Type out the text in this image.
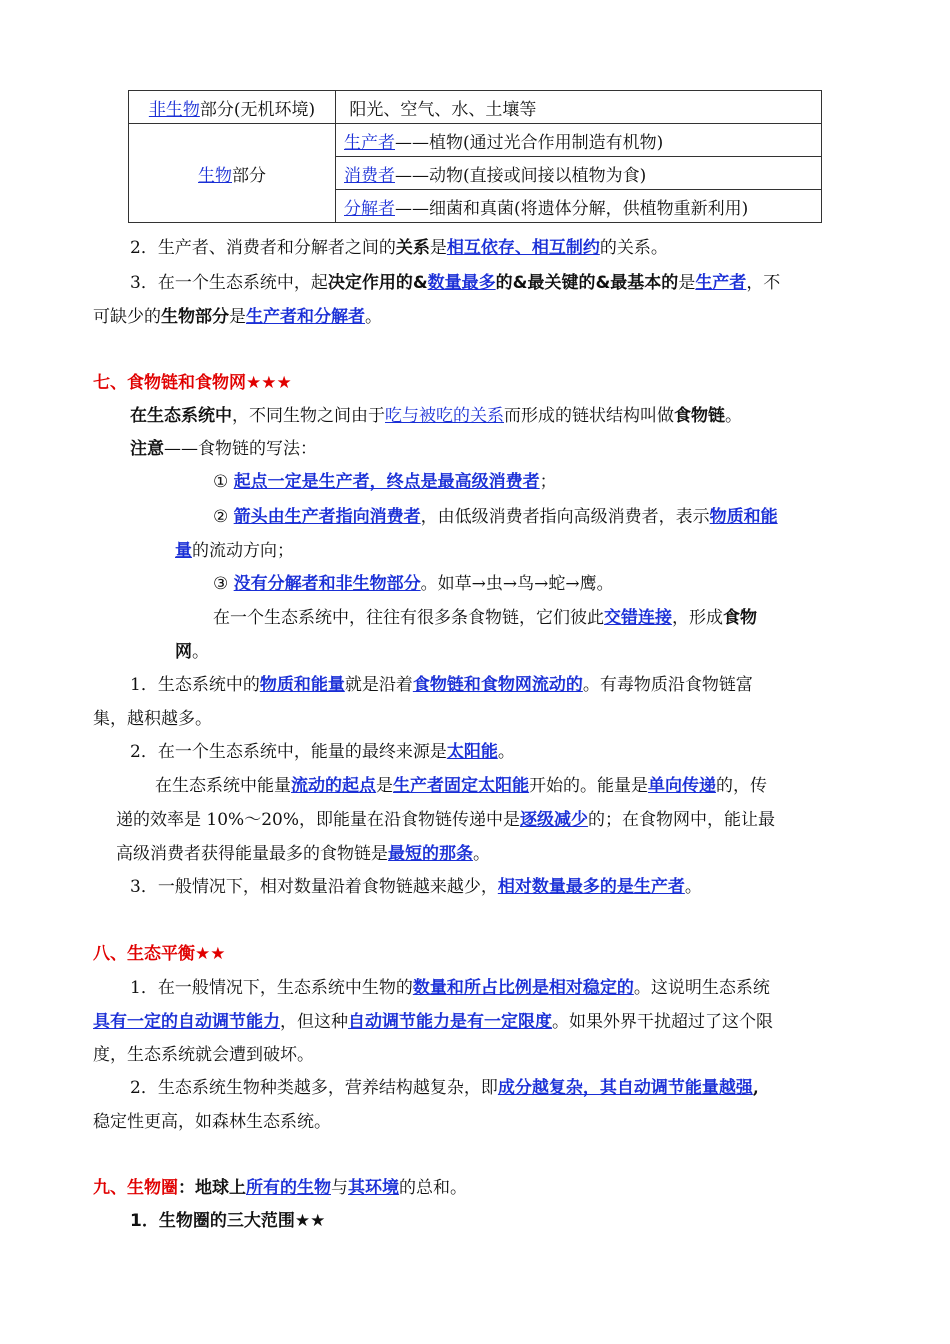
非生物部分(无机环境)	阳光、空气、水、土壤等
生物部分	生产者——植物(通过光合作用制造有机物)
	消费者——动物(直接或间接以植物为食)
	分解者——细菌和真菌(将遗体分解，供植物重新利用)
2．生产者、消费者和分解者之间的关系是相互依存、相互制约的关系。
3．在一个生态系统中，起决定作用的&数量最多的&最关键的&最基本的是生产者，不
可缺少的生物部分是生产者和分解者。
七、食物链和食物网★★★
在生态系统中，不同生物之间由于吃与被吃的关系而形成的链状结构叫做食物链。
注意——食物链的写法：
① 起点一定是生产者，终点是最高级消费者；
② 箭头由生产者指向消费者，由低级消费者指向高级消费者，表示物质和能
量的流动方向；
③ 没有分解者和非生物部分。如草→虫→鸟→蛇→鹰。
在一个生态系统中，往往有很多条食物链，它们彼此交错连接，形成食物
网。
1．生态系统中的物质和能量就是沿着食物链和食物网流动的。有毒物质沿食物链富
集，越积越多。
2．在一个生态系统中，能量的最终来源是太阳能。
在生态系统中能量流动的起点是生产者固定太阳能开始的。能量是单向传递的，传
递的效率是 10%～20%，即能量在沿食物链传递中是逐级减少的；在食物网中，能让最
高级消费者获得能量最多的食物链是最短的那条。
3．一般情况下，相对数量沿着食物链越来越少，相对数量最多的是生产者。
八、生态平衡★★
1．在一般情况下，生态系统中生物的数量和所占比例是相对稳定的。这说明生态系统
具有一定的自动调节能力，但这种自动调节能力是有一定限度。如果外界干扰超过了这个限
度，生态系统就会遭到破坏。
2．生态系统生物种类越多，营养结构越复杂，即成分越复杂，其自动调节能量越强,
稳定性更高，如森林生态系统。
九、生物圈：地球上所有的生物与其环境的总和。
1．生物圈的三大范围★★
